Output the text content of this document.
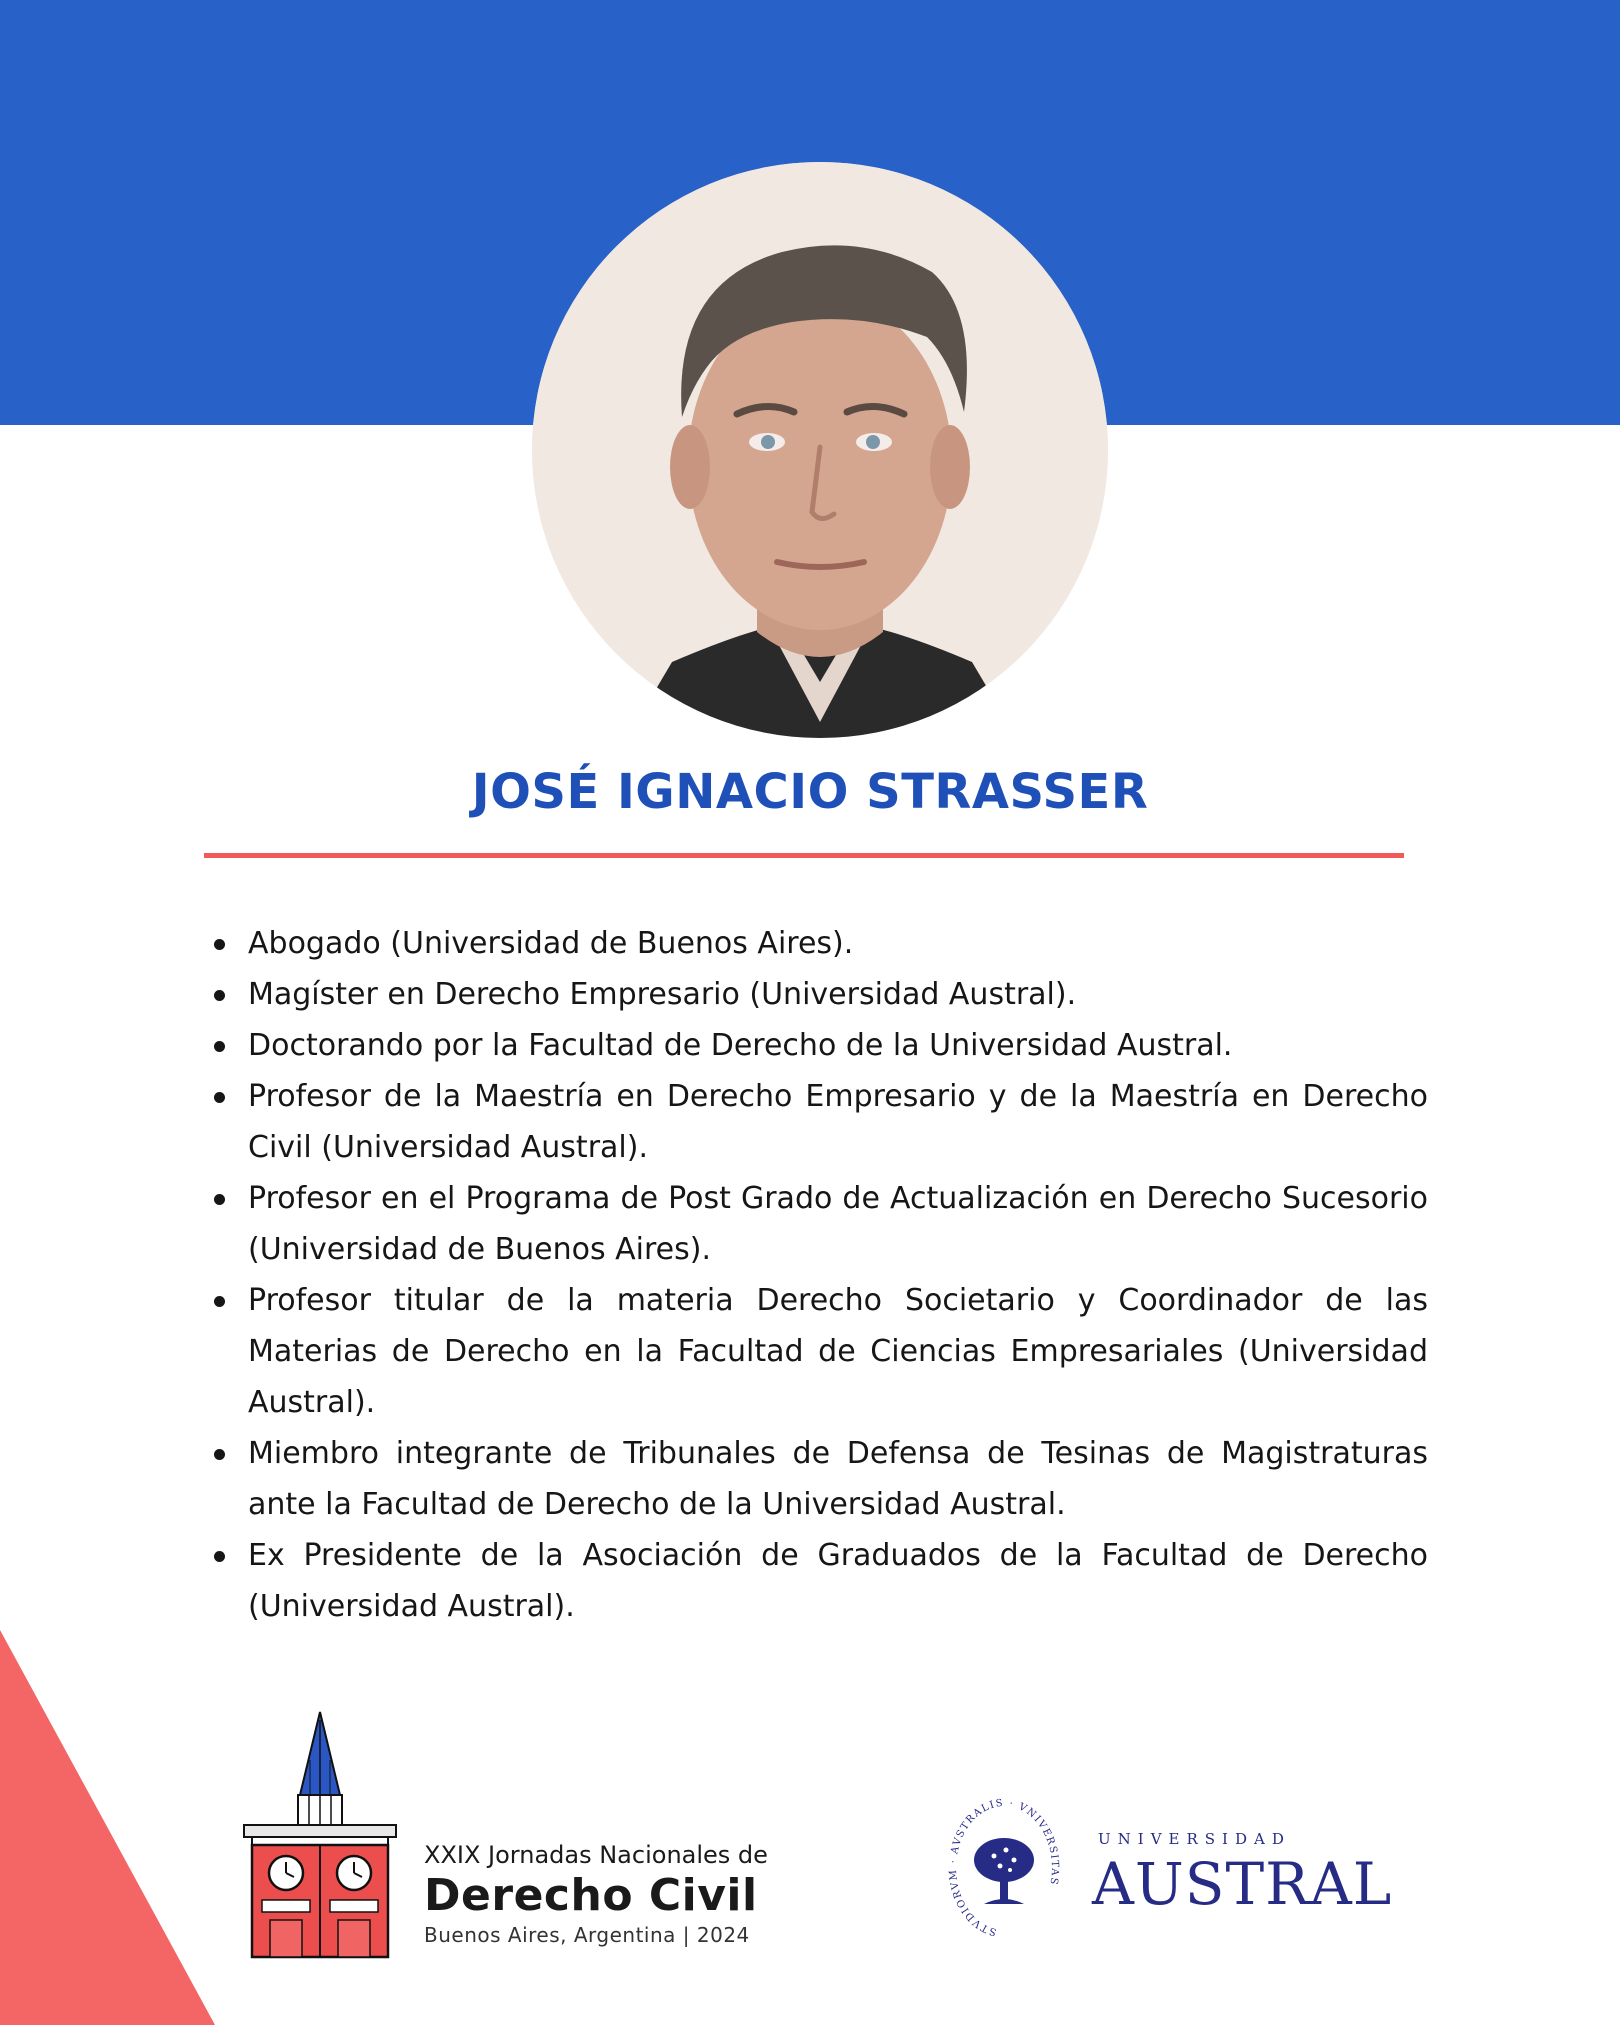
JOSÉ IGNACIO STRASSER
Abogado (Universidad de Buenos Aires).
Magíster en Derecho Empresario (Universidad Austral).
Doctorando por la Facultad de Derecho de la Universidad Austral.
Profesor de la Maestría en Derecho Empresario y de la Maestría en Derecho Civil (Universidad Austral).
Profesor en el Programa de Post Grado de Actualización en Derecho Sucesorio (Universidad de Buenos Aires).
Profesor titular de la materia Derecho Societario y Coordinador de las Materias de Derecho en la Facultad de Ciencias Empresariales (Universidad Austral).
Miembro integrante de Tribunales de Defensa de Tesinas de Magistraturas ante la Facultad de Derecho de la Universidad Austral.
Ex Presidente de la Asociación de Graduados de la Facultad de Derecho (Universidad Austral).
XXIX Jornadas Nacionales de
Derecho Civil
Buenos Aires, Argentina | 2024	STVDIORVM · AVSTRALIS · VNIVERSITAS
UNIVERSIDAD
AUSTRAL
